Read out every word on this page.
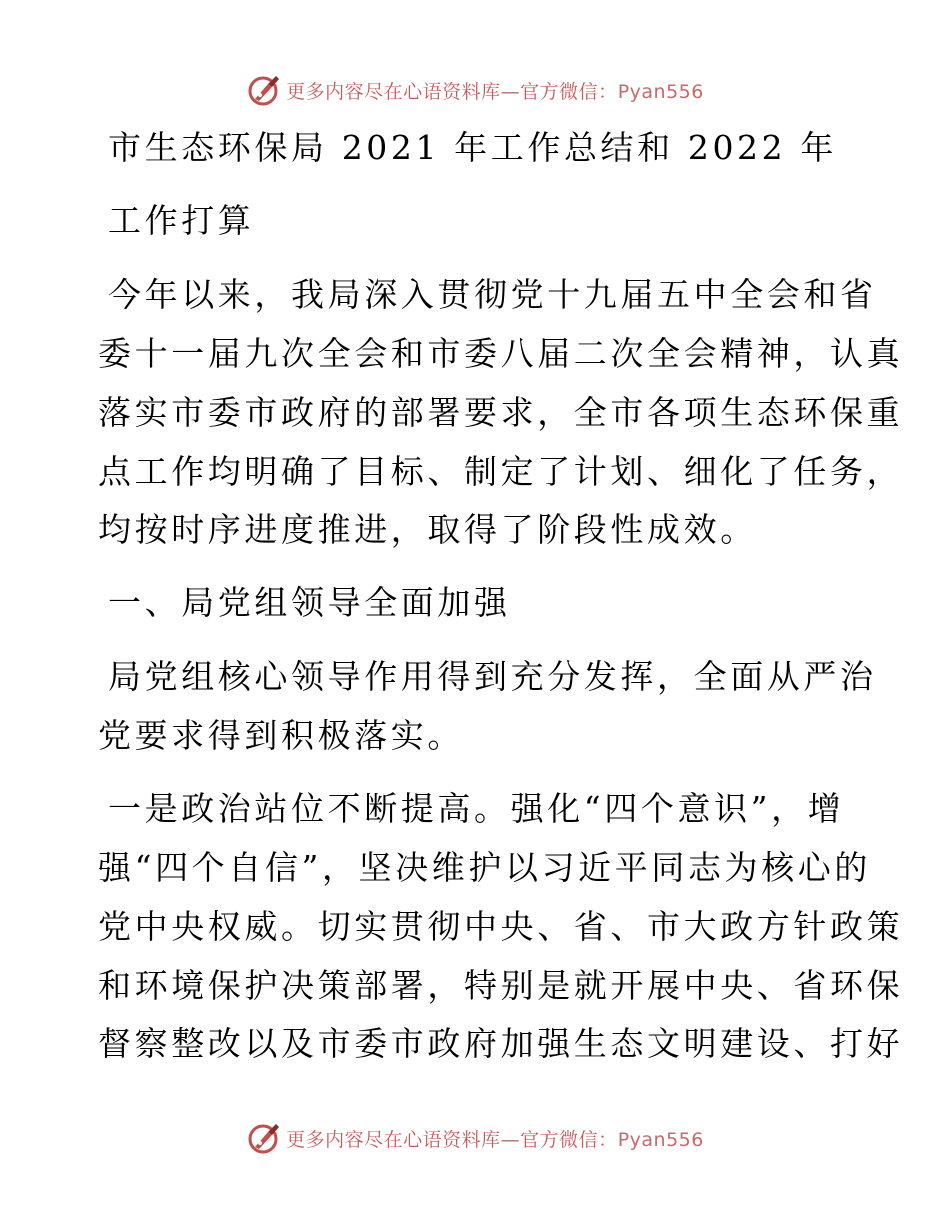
更多内容尽在心语资料库—官方微信：Pyan556
市生态环保局 2021 年工作总结和 2022 年
工作打算
今年以来，我局深入贯彻党十九届五中全会和省
委十一届九次全会和市委八届二次全会精神，认真
落实市委市政府的部署要求，全市各项生态环保重
点工作均明确了目标、制定了计划、细化了任务，
均按时序进度推进，取得了阶段性成效。
一、局党组领导全面加强
局党组核心领导作用得到充分发挥，全面从严治
党要求得到积极落实。
一是政治站位不断提高。强化“四个意识”，增
强“四个自信”，坚决维护以习近平同志为核心的
党中央权威。切实贯彻中央、省、市大政方针政策
和环境保护决策部署，特别是就开展中央、省环保
督察整改以及市委市政府加强生态文明建设、打好
更多内容尽在心语资料库—官方微信：Pyan556
